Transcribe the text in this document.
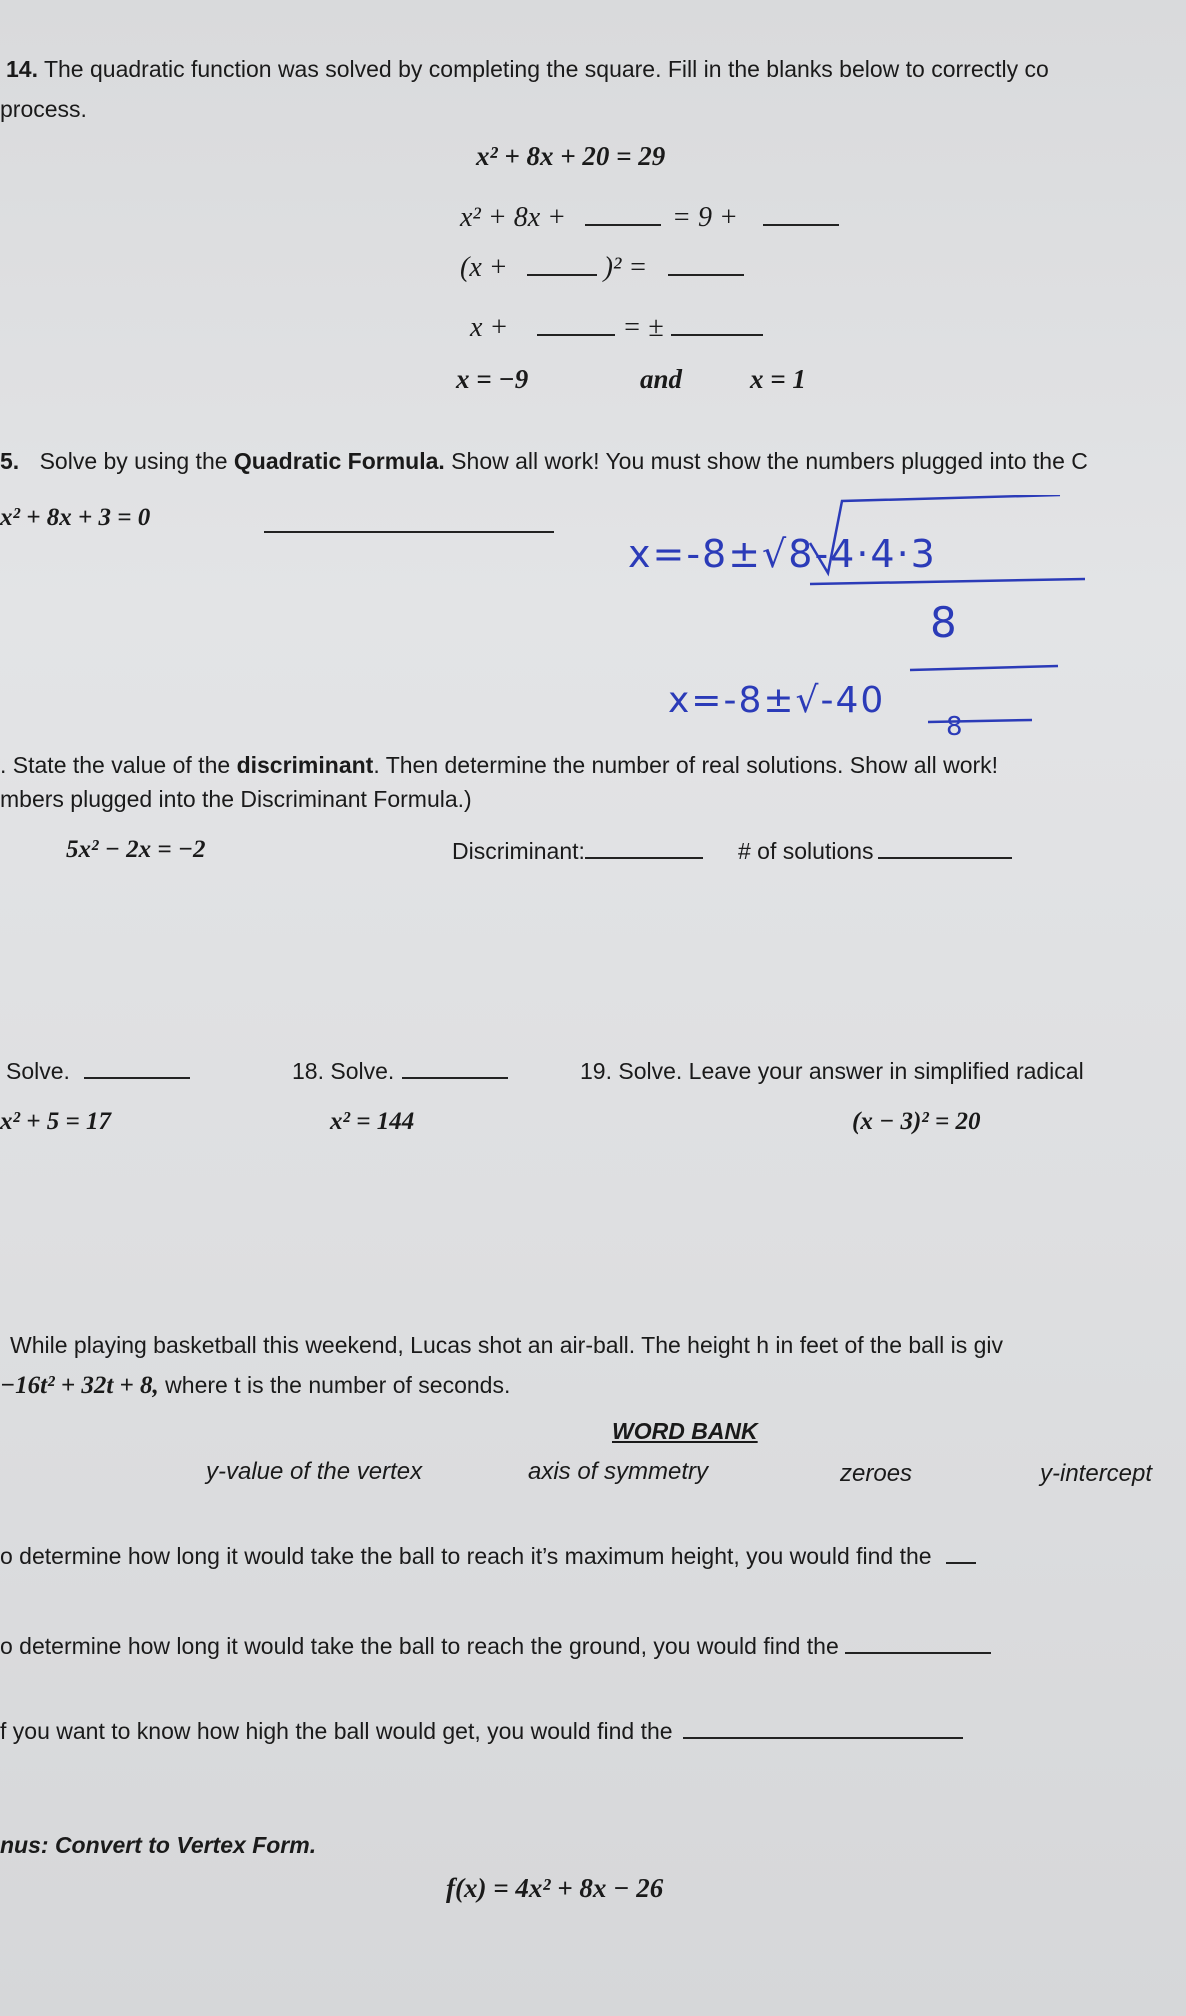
14. The quadratic function was solved by completing the square. Fill in the blanks below to correctly co
process.
x² + 8x + 20 = 29
x² + 8x +	= 9 +
(x +	)² =
x +	= ±
x = −9	and	x = 1
5. Solve by using the Quadratic Formula. Show all work! You must show the numbers plugged into the C
x² + 8x + 3 = 0
x=-8±√8-4·4·3
8
x=-8±√-40
8
. State the value of the discriminant. Then determine the number of real solutions. Show all work!
mbers plugged into the Discriminant Formula.)
5x² − 2x = −2	Discriminant:	# of solutions
Solve.
x² + 5 = 17
18. Solve.
x² = 144
19. Solve. Leave your answer in simplified radical
(x − 3)² = 20
While playing basketball this weekend, Lucas shot an air-ball. The height h in feet of the ball is giv
−16t² + 32t + 8, where t is the number of seconds.
WORD BANK
y-value of the vertex	axis of symmetry	zeroes	y-intercept
o determine how long it would take the ball to reach it’s maximum height, you would find the
o determine how long it would take the ball to reach the ground, you would find the
f you want to know how high the ball would get, you would find the
nus: Convert to Vertex Form.
f(x) = 4x² + 8x − 26
